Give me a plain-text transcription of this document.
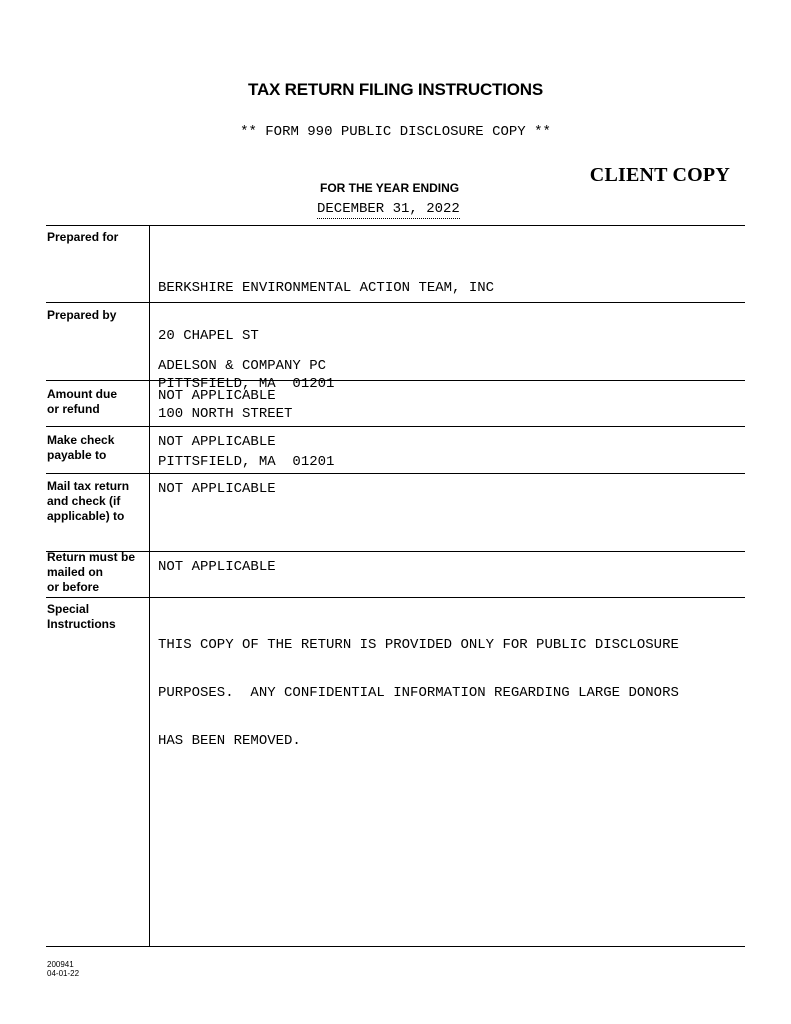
TAX RETURN FILING INSTRUCTIONS
** FORM 990 PUBLIC DISCLOSURE COPY **
CLIENT COPY
FOR THE YEAR ENDING
DECEMBER 31, 2022
Prepared for

BERKSHIRE ENVIRONMENTAL ACTION TEAM, INC

20 CHAPEL ST

PITTSFIELD, MA  01201

Prepared by

ADELSON & COMPANY PC

100 NORTH STREET

PITTSFIELD, MA  01201

Amount due
or refund
NOT APPLICABLE
Make check
payable to
NOT APPLICABLE
Mail tax return
and check (if
applicable) to
NOT APPLICABLE
Return must be
mailed on
or before
NOT APPLICABLE
Special
Instructions

THIS COPY OF THE RETURN IS PROVIDED ONLY FOR PUBLIC DISCLOSURE

PURPOSES.  ANY CONFIDENTIAL INFORMATION REGARDING LARGE DONORS

HAS BEEN REMOVED.

200941
04-01-22
